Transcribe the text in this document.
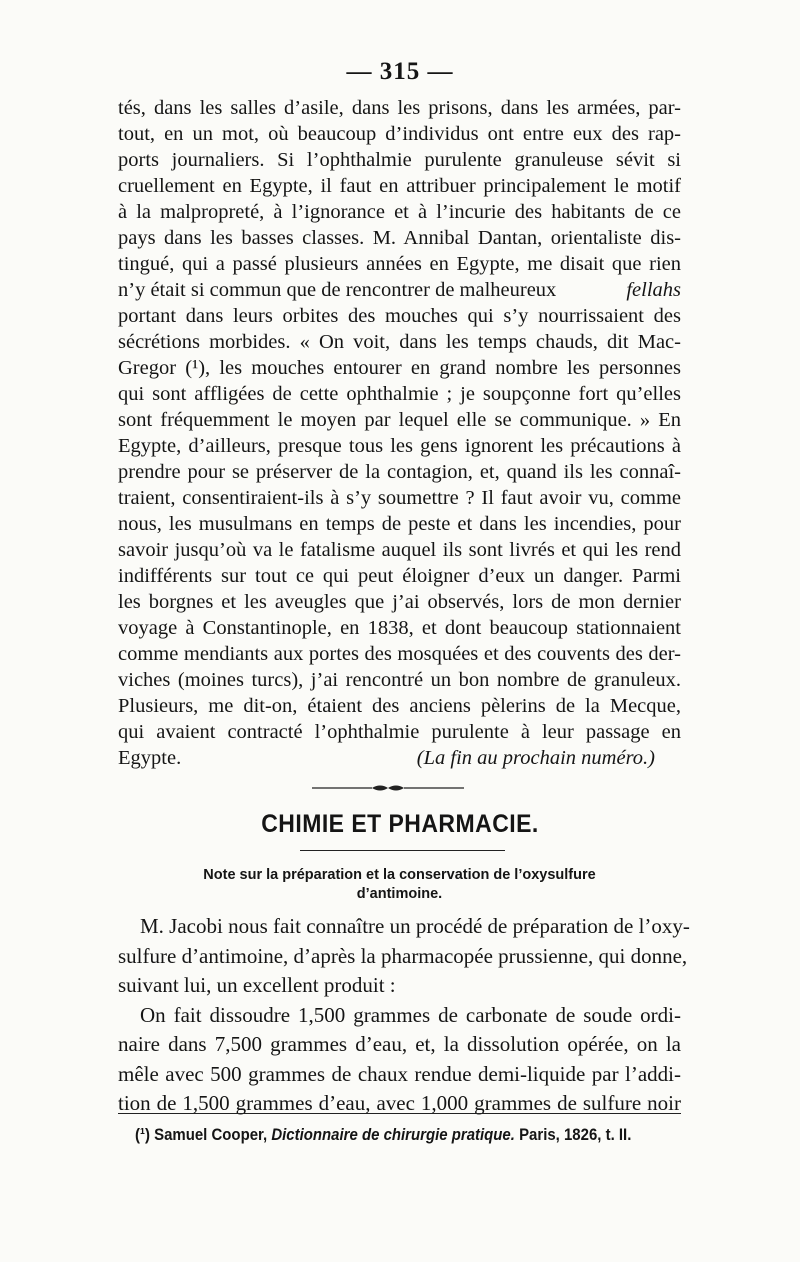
— 315 —
tés, dans les salles d’asile, dans les prisons, dans les armées, par-
tout, en un mot, où beaucoup d’individus ont entre eux des rap-
ports journaliers. Si l’ophthalmie purulente granuleuse sévit si
cruellement en Egypte, il faut en attribuer principalement le motif
à la malpropreté, à l’ignorance et à l’incurie des habitants de ce
pays dans les basses classes. M. Annibal Dantan, orientaliste dis-
tingué, qui a passé plusieurs années en Egypte, me disait que rien
n’y était si commun que de rencontrer de malheureux	fellahs
portant dans leurs orbites des mouches qui s’y nourrissaient des
sécrétions morbides. « On voit, dans les temps chauds, dit Mac-
Gregor (¹), les mouches entourer en grand nombre les personnes
qui sont affligées de cette ophthalmie ; je soupçonne fort qu’elles
sont fréquemment le moyen par lequel elle se communique. » En
Egypte, d’ailleurs, presque tous les gens ignorent les précautions à
prendre pour se préserver de la contagion, et, quand ils les connaî-
traient, consentiraient-ils à s’y soumettre ? Il faut avoir vu, comme
nous, les musulmans en temps de peste et dans les incendies, pour
savoir jusqu’où va le fatalisme auquel ils sont livrés et qui les rend
indifférents sur tout ce qui peut éloigner d’eux un danger. Parmi
les borgnes et les aveugles que j’ai observés, lors de mon dernier
voyage à Constantinople, en 1838, et dont beaucoup stationnaient
comme mendiants aux portes des mosquées et des couvents des der-
viches (moines turcs), j’ai rencontré un bon nombre de granuleux.
Plusieurs, me dit-on, étaient des anciens pèlerins de la Mecque,
qui avaient contracté l’ophthalmie purulente à leur passage en
Egypte.	(La fin au prochain numéro.)
CHIMIE ET PHARMACIE.
Note sur la préparation et la conservation de l’oxysulfure
d’antimoine.
M. Jacobi nous fait connaître un procédé de préparation de l’oxy-
sulfure d’antimoine, d’après la pharmacopée prussienne, qui donne,
suivant lui, un excellent produit :
On fait dissoudre 1,500 grammes de carbonate de soude ordi-
naire dans 7,500 grammes d’eau, et, la dissolution opérée, on la
mêle avec 500 grammes de chaux rendue demi-liquide par l’addi-
tion de 1,500 grammes d’eau, avec 1,000 grammes de sulfure noir
(¹) Samuel Cooper, Dictionnaire de chirurgie pratique. Paris, 1826, t. II.
